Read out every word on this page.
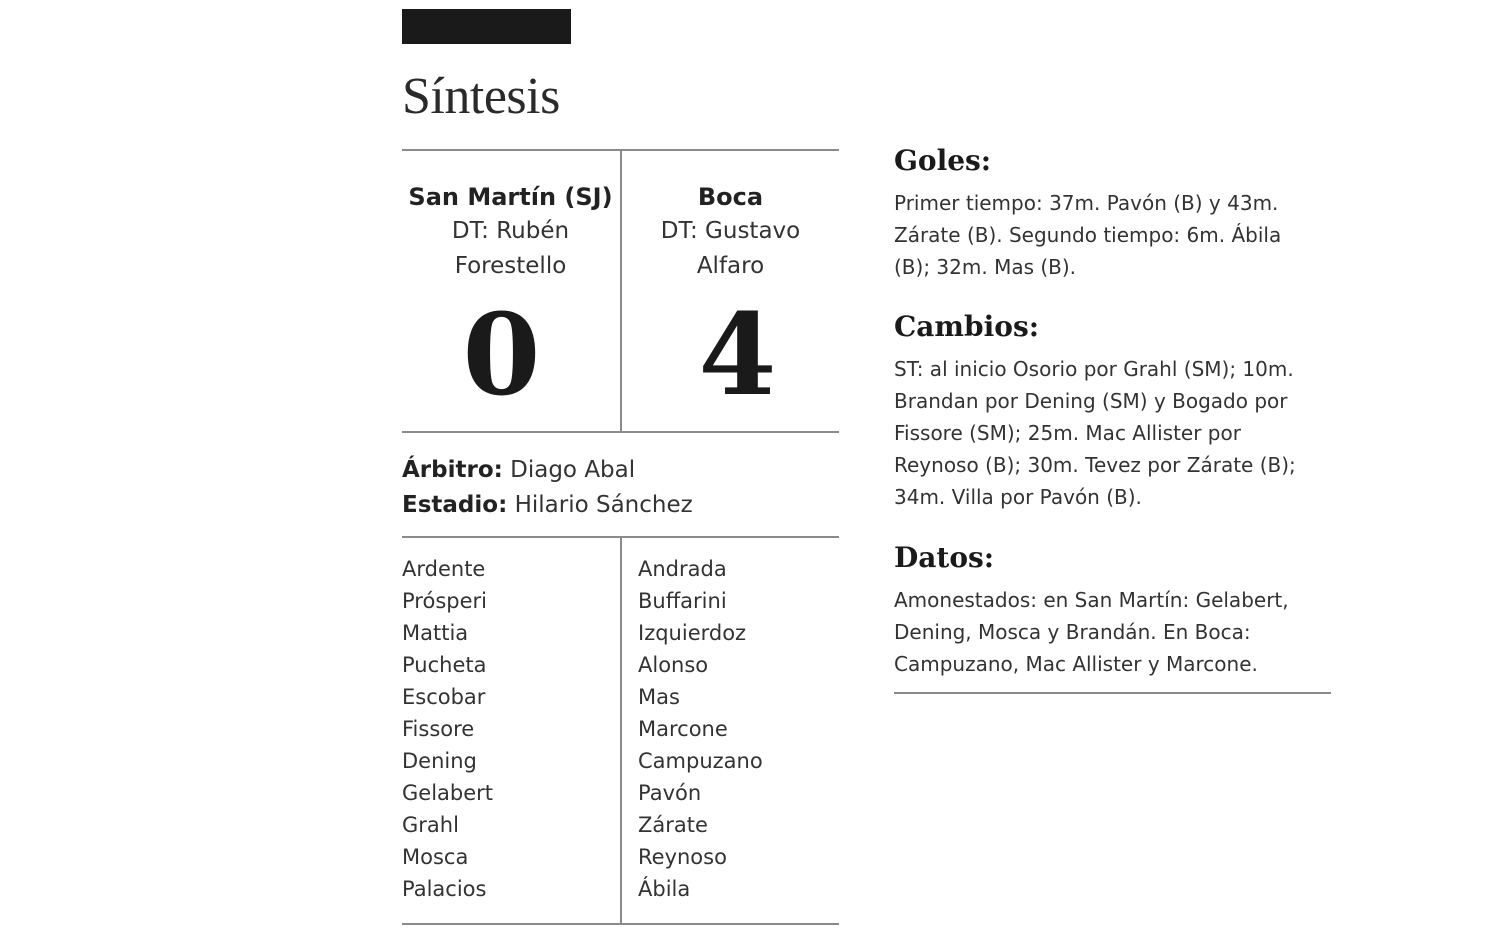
Síntesis
San Martín (SJ)
DT: Rubén
Forestello
Boca
DT: Gustavo
Alfaro
0	4
Árbitro: Diago Abal
Estadio: Hilario Sánchez
Ardente
Prósperi
Mattia
Pucheta
Escobar
Fissore
Dening
Gelabert
Grahl
Mosca
Palacios
Andrada
Buffarini
Izquierdoz
Alonso
Mas
Marcone
Campuzano
Pavón
Zárate
Reynoso
Ábila
Goles:
Primer tiempo: 37m. Pavón (B) y 43m.
Zárate (B). Segundo tiempo: 6m. Ábila
(B); 32m. Mas (B).
Cambios:
ST: al inicio Osorio por Grahl (SM); 10m.
Brandan por Dening (SM) y Bogado por
Fissore (SM); 25m. Mac Allister por
Reynoso (B); 30m. Tevez por Zárate (B);
34m. Villa por Pavón (B).
Datos:
Amonestados: en San Martín: Gelabert,
Dening, Mosca y Brandán. En Boca:
Campuzano, Mac Allister y Marcone.
